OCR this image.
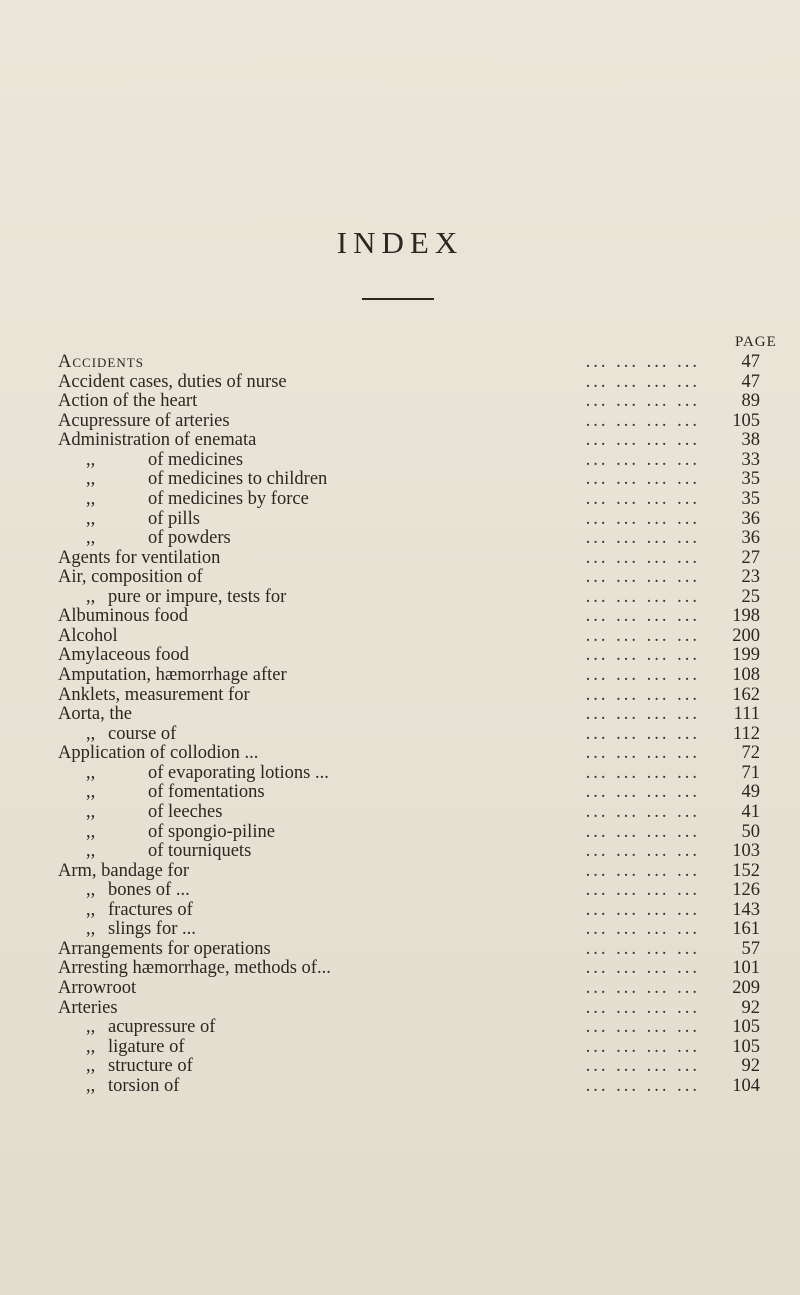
INDEX
PAGE
Accidents	... ... ... ...	47
Accident cases, duties of nurse	... ... ... ...	47
Action of the heart	... ... ... ...	89
Acupressure of arteries	... ... ... ...	105
Administration of enemata	... ... ... ...	38
,,	of medicines	... ... ... ...	33
,,	of medicines to children	... ... ... ...	35
,,	of medicines by force	... ... ... ...	35
,,	of pills	... ... ... ...	36
,,	of powders	... ... ... ...	36
Agents for ventilation	... ... ... ...	27
Air, composition of	... ... ... ...	23
,, pure or impure, tests for	... ... ... ...	25
Albuminous food	... ... ... ...	198
Alcohol	... ... ... ...	200
Amylaceous food	... ... ... ...	199
Amputation, hæmorrhage after	... ... ... ...	108
Anklets, measurement for	... ... ... ...	162
Aorta, the	... ... ... ...	111
,, course of	... ... ... ...	112
Application of collodion ...	... ... ... ...	72
,,	of evaporating lotions ...	... ... ... ...	71
,,	of fomentations	... ... ... ...	49
,,	of leeches	... ... ... ...	41
,,	of spongio-piline	... ... ... ...	50
,,	of tourniquets	... ... ... ...	103
Arm, bandage for	... ... ... ...	152
,, bones of ...	... ... ... ...	126
,, fractures of	... ... ... ...	143
,, slings for ...	... ... ... ...	161
Arrangements for operations	... ... ... ...	57
Arresting hæmorrhage, methods of...	... ... ... ...	101
Arrowroot	... ... ... ...	209
Arteries	... ... ... ...	92
,, acupressure of	... ... ... ...	105
,, ligature of	... ... ... ...	105
,, structure of	... ... ... ...	92
,, torsion of	... ... ... ...	104
